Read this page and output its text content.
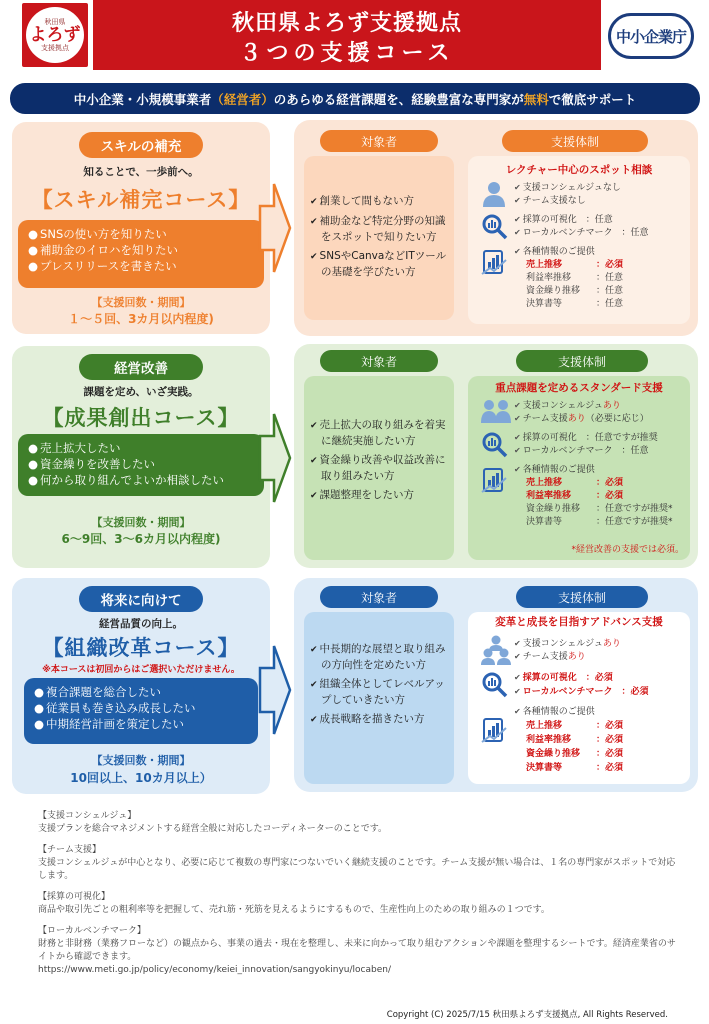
秋田県
よろず
支援拠点
秋田県よろず支援拠点
３つの支援コース
中小企業庁
中小企業・小規模事業者 （経営者） のあらゆる経営課題を、経験豊富な専門家が 無料 で徹底サポート
スキルの補充
知ることで、一歩前へ。
【スキル補完コース】
● SNSの使い方を知りたい
● 補助金のイロハを知りたい
● プレスリリースを書きたい
【支援回数・期間】
１～５回、3カ月以内程度)
対象者	支援体制
✔ 創業して間もない方
✔ 補助金など特定分野の知識をスポットで知りたい方
✔ SNSやCanvaなどITツールの基礎を学びたい方
レクチャー中心のスポット相談
✔ 支援コンシェルジュなし
✔ チーム支援なし
✔ 採算の可視化　：任意
✔ ローカルベンチマーク　：任意
✔ 各種情報のご提供
売上推移	：必須
利益率推移	：任意
資金繰り推移	：任意
決算書等	：任意
経営改善
課題を定め、いざ実践。
【成果創出コース】
● 売上拡大したい
● 資金繰りを改善したい
● 何から取り組んでよいか相談したい
【支援回数・期間】
6～9回、3～6カ月以内程度)
対象者	支援体制
✔ 売上拡大の取り組みを着実に継続実施したい方
✔ 資金繰り改善や収益改善に取り組みたい方
✔ 課題整理をしたい方
重点課題を定めるスタンダード支援
✔ 支援コンシェルジュあり
✔ チーム支援あり（必要に応じ）
✔ 採算の可視化　：任意ですが推奨
✔ ローカルベンチマーク　：任意
✔ 各種情報のご提供
売上推移	：必須
利益率推移	：必須
資金繰り推移	：任意ですが推奨*
決算書等	：任意ですが推奨*
*経営改善の支援では必須。
将来に向けて
経営品質の向上。
【組織改革コース】
※本コースは初回からはご選択いただけません。
● 複合課題を総合したい
● 従業員も巻き込み成長したい
● 中期経営計画を策定したい
【支援回数・期間】
10回以上、10カ月以上）
対象者	支援体制
✔ 中長期的な展望と取り組みの方向性を定めたい方
✔ 組織全体としてレベルアップしていきたい方
✔ 成長戦略を描きたい方
変革と成長を目指すアドバンス支援
✔ 支援コンシェルジュあり
✔ チーム支援あり
✔ 採算の可視化　：必須
✔ ローカルベンチマーク　：必須
✔ 各種情報のご提供
売上推移	：必須
利益率推移	：必須
資金繰り推移	：必須
決算書等	：必須
【支援コンシェルジュ】
支援プランを総合マネジメントする経営全般に対応したコーディネーターのことです。
【チーム支援】
支援コンシェルジュが中心となり、必要に応じて複数の専門家につないでいく継続支援のことです。チーム支援が無い場合は、１名の専門家がスポットで対応します。
【採算の可視化】
商品や取引先ごとの粗利率等を把握して、売れ筋・死筋を見えるようにするもので、生産性向上のための取り組みの１つです。
【ローカルベンチマーク】
財務と非財務（業務フローなど）の観点から、事業の過去・現在を整理し、未来に向かって取り組むアクションや課題を整理するシートです。経済産業省のサイトから確認できます。
https://www.meti.go.jp/policy/economy/keiei_innovation/sangyokinyu/locaben/
Copyright (C) 2025/7/15 秋田県よろず支援拠点, All Rights Reserved.
